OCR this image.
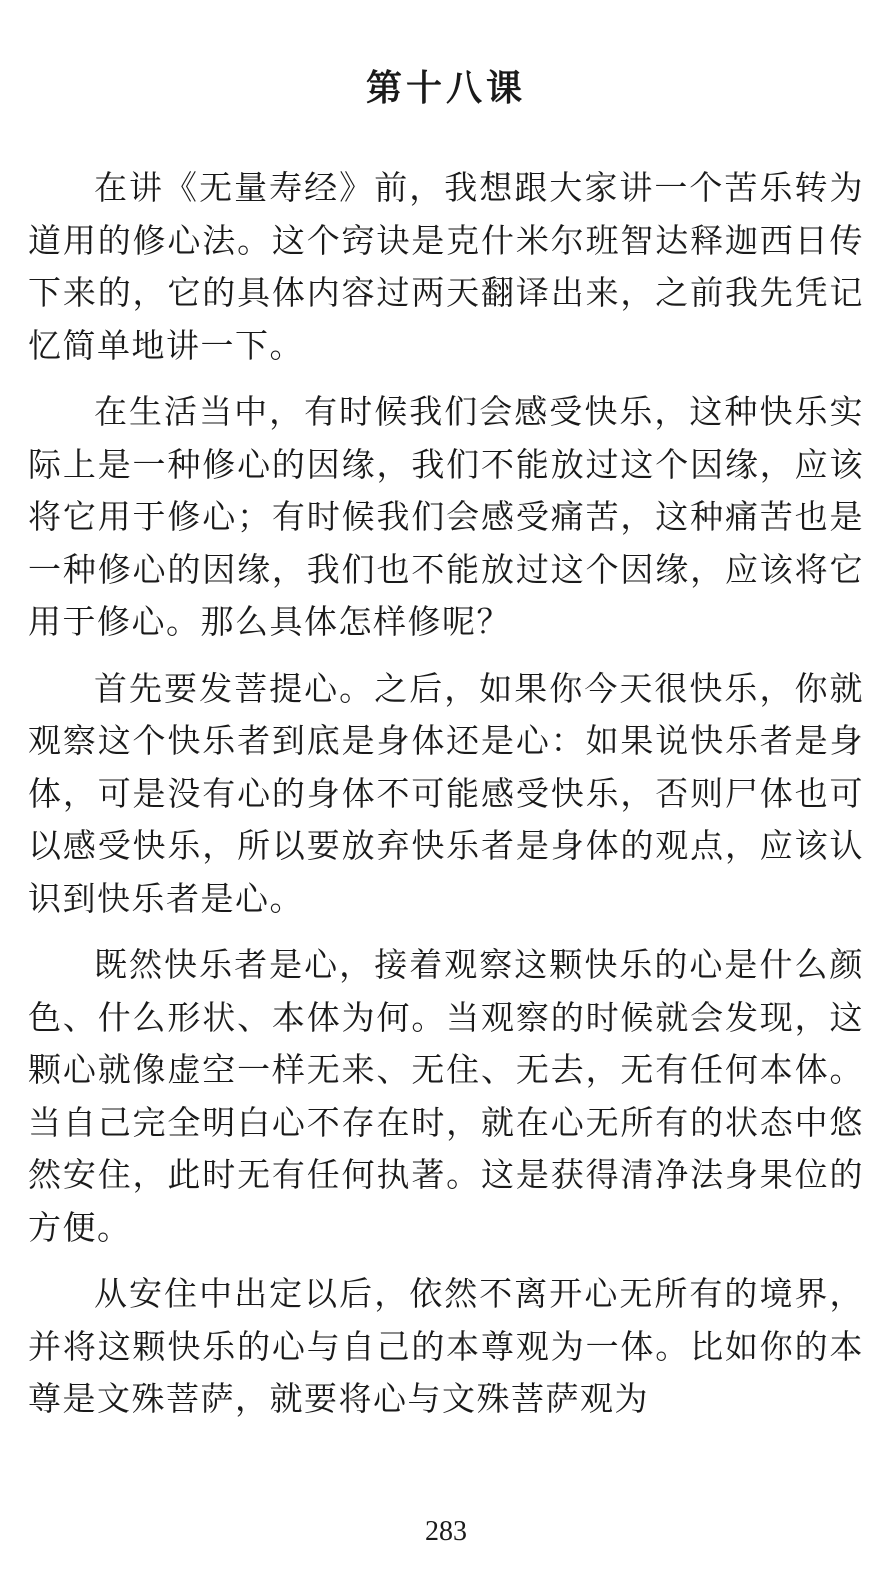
第十八课

在讲《无量寿经》前，我想跟大家讲一个苦乐转为道用的修心法。这个窍诀是克什米尔班智达释迦西日传下来的，它的具体内容过两天翻译出来，之前我先凭记忆简单地讲一下。

在生活当中，有时候我们会感受快乐，这种快乐实际上是一种修心的因缘，我们不能放过这个因缘，应该将它用于修心；有时候我们会感受痛苦，这种痛苦也是一种修心的因缘，我们也不能放过这个因缘，应该将它用于修心。那么具体怎样修呢？

首先要发菩提心。之后，如果你今天很快乐，你就观察这个快乐者到底是身体还是心：如果说快乐者是身体，可是没有心的身体不可能感受快乐，否则尸体也可以感受快乐，所以要放弃快乐者是身体的观点，应该认识到快乐者是心。

既然快乐者是心，接着观察这颗快乐的心是什么颜色、什么形状、本体为何。当观察的时候就会发现，这颗心就像虚空一样无来、无住、无去，无有任何本体。当自己完全明白心不存在时，就在心无所有的状态中悠然安住，此时无有任何执著。这是获得清净法身果位的方便。

从安住中出定以后，依然不离开心无所有的境界，并将这颗快乐的心与自己的本尊观为一体。比如你的本尊是文殊菩萨，就要将心与文殊菩萨观为

283
